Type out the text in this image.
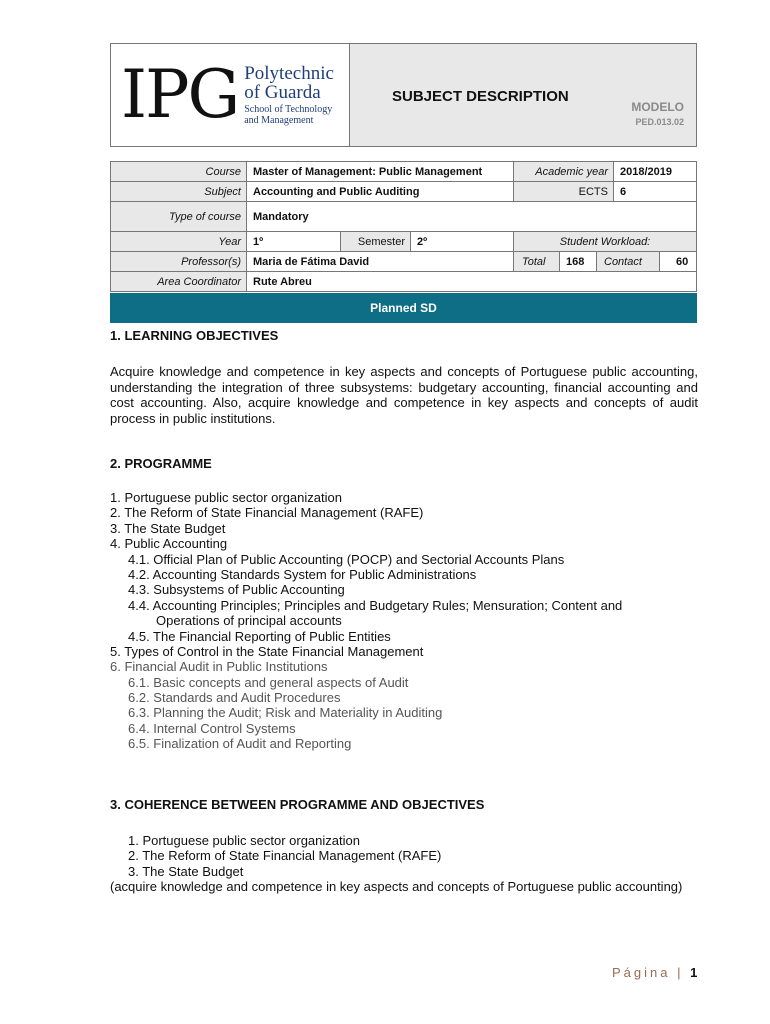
IPG Polytechnic
of Guarda
School of Technology
and Management
SUBJECT DESCRIPTION
MODELO
PED.013.02
Course	Master of Management: Public Management	Academic year	2018/2019
Subject	Accounting and Public Auditing	ECTS	6
Type of course	Mandatory
Year	1º	Semester	2º	Student Workload:
Professor(s)	Maria de Fátima David	Total	168	Contact	60
Area Coordinator	Rute Abreu
Planned SD
1. LEARNING OBJECTIVES
Acquire knowledge and competence in key aspects and concepts of Portuguese public accounting, understanding the integration of three subsystems: budgetary accounting, financial accounting and cost accounting. Also, acquire knowledge and competence in key aspects and concepts of audit process in public institutions.
2. PROGRAMME
1. Portuguese public sector organization
2. The Reform of State Financial Management (RAFE)
3. The State Budget
4. Public Accounting
4.1. Official Plan of Public Accounting (POCP) and Sectorial Accounts Plans
4.2. Accounting Standards System for Public Administrations
4.3. Subsystems of Public Accounting
4.4. Accounting Principles; Principles and Budgetary Rules; Mensuration; Content and
Operations of principal accounts
4.5. The Financial Reporting of Public Entities
5. Types of Control in the State Financial Management
6. Financial Audit in Public Institutions
6.1. Basic concepts and general aspects of Audit
6.2. Standards and Audit Procedures
6.3. Planning the Audit; Risk and Materiality in Auditing
6.4. Internal Control Systems
6.5. Finalization of Audit and Reporting
3. COHERENCE BETWEEN PROGRAMME AND OBJECTIVES
1. Portuguese public sector organization
2. The Reform of State Financial Management (RAFE)
3. The State Budget
(acquire knowledge and competence in key aspects and concepts of Portuguese public accounting)
Página | 1
